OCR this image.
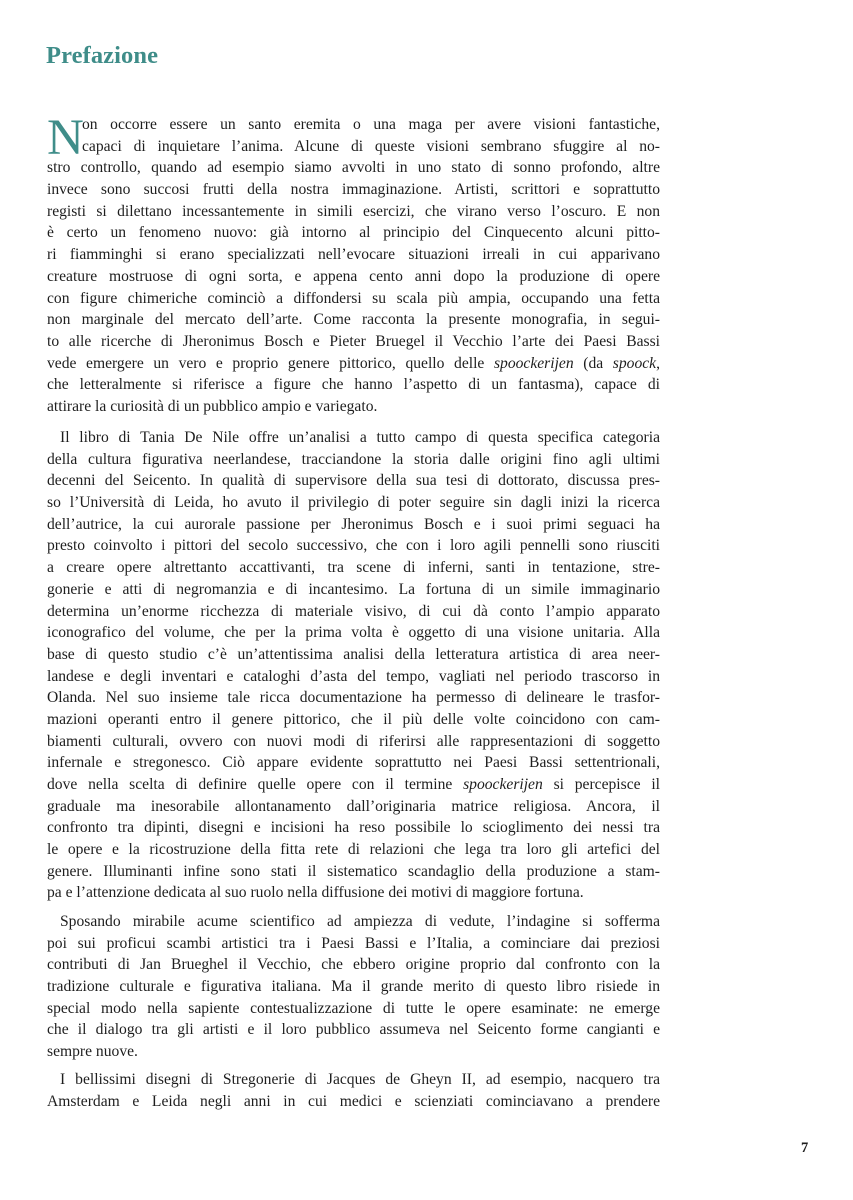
Prefazione
N
on occorre essere un santo eremita o una maga per avere visioni fantastiche,
capaci di inquietare l’anima. Alcune di queste visioni sembrano sfuggire al no-
stro controllo, quando ad esempio siamo avvolti in uno stato di sonno profondo, altre
invece sono succosi frutti della nostra immaginazione. Artisti, scrittori e soprattutto
registi si dilettano incessantemente in simili esercizi, che virano verso l’oscuro. E non
è certo un fenomeno nuovo: già intorno al principio del Cinquecento alcuni pitto-
ri fiamminghi si erano specializzati nell’evocare situazioni irreali in cui apparivano
creature mostruose di ogni sorta, e appena cento anni dopo la produzione di opere
con figure chimeriche cominciò a diffondersi su scala più ampia, occupando una fetta
non marginale del mercato dell’arte. Come racconta la presente monografia, in segui-
to alle ricerche di Jheronimus Bosch e Pieter Bruegel il Vecchio l’arte dei Paesi Bassi
vede emergere un vero e proprio genere pittorico, quello delle spoockerijen (da spoock,
che letteralmente si riferisce a figure che hanno l’aspetto di un fantasma), capace di
attirare la curiosità di un pubblico ampio e variegato.
Il libro di Tania De Nile offre un’analisi a tutto campo di questa specifica categoria
della cultura figurativa neerlandese, tracciandone la storia dalle origini fino agli ultimi
decenni del Seicento. In qualità di supervisore della sua tesi di dottorato, discussa pres-
so l’Università di Leida, ho avuto il privilegio di poter seguire sin dagli inizi la ricerca
dell’autrice, la cui aurorale passione per Jheronimus Bosch e i suoi primi seguaci ha
presto coinvolto i pittori del secolo successivo, che con i loro agili pennelli sono riusciti
a creare opere altrettanto accattivanti, tra scene di inferni, santi in tentazione, stre-
gonerie e atti di negromanzia e di incantesimo. La fortuna di un simile immaginario
determina un’enorme ricchezza di materiale visivo, di cui dà conto l’ampio apparato
iconografico del volume, che per la prima volta è oggetto di una visione unitaria. Alla
base di questo studio c’è un’attentissima analisi della letteratura artistica di area neer-
landese e degli inventari e cataloghi d’asta del tempo, vagliati nel periodo trascorso in
Olanda. Nel suo insieme tale ricca documentazione ha permesso di delineare le trasfor-
mazioni operanti entro il genere pittorico, che il più delle volte coincidono con cam-
biamenti culturali, ovvero con nuovi modi di riferirsi alle rappresentazioni di soggetto
infernale e stregonesco. Ciò appare evidente soprattutto nei Paesi Bassi settentrionali,
dove nella scelta di definire quelle opere con il termine spoockerijen si percepisce il
graduale ma inesorabile allontanamento dall’originaria matrice religiosa. Ancora, il
confronto tra dipinti, disegni e incisioni ha reso possibile lo scioglimento dei nessi tra
le opere e la ricostruzione della fitta rete di relazioni che lega tra loro gli artefici del
genere. Illuminanti infine sono stati il sistematico scandaglio della produzione a stam-
pa e l’attenzione dedicata al suo ruolo nella diffusione dei motivi di maggiore fortuna.
Sposando mirabile acume scientifico ad ampiezza di vedute, l’indagine si sofferma
poi sui proficui scambi artistici tra i Paesi Bassi e l’Italia, a cominciare dai preziosi
contributi di Jan Brueghel il Vecchio, che ebbero origine proprio dal confronto con la
tradizione culturale e figurativa italiana. Ma il grande merito di questo libro risiede in
special modo nella sapiente contestualizzazione di tutte le opere esaminate: ne emerge
che il dialogo tra gli artisti e il loro pubblico assumeva nel Seicento forme cangianti e
sempre nuove.
I bellissimi disegni di Stregonerie di Jacques de Gheyn II, ad esempio, nacquero tra
Amsterdam e Leida negli anni in cui medici e scienziati cominciavano a prendere

7
